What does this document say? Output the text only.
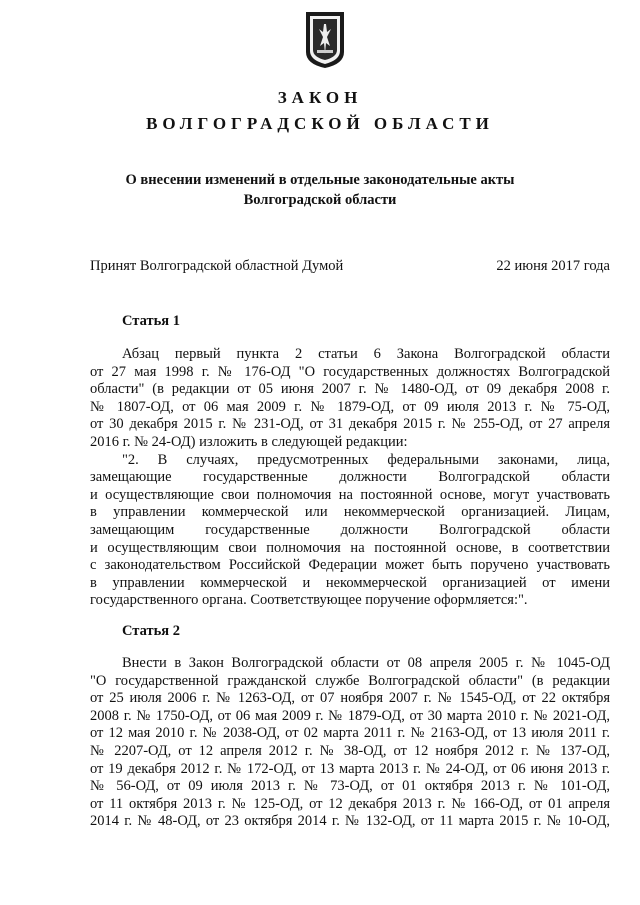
ЗАКОН
ВОЛГОГРАДСКОЙ ОБЛАСТИ
О внесении изменений в отдельные законодательные акты
Волгоградской области
Принят Волгоградской областной Думой	22 июня 2017 года
Статья 1
Абзац первый пункта 2 статьи 6 Закона Волгоградской области
от 27 мая 1998 г. № 176-ОД "О государственных должностях Волгоградской
области" (в редакции от 05 июня 2007 г. № 1480-ОД, от 09 декабря 2008 г.
№ 1807-ОД, от 06 мая 2009 г. № 1879-ОД, от 09 июля 2013 г. № 75-ОД,
от 30 декабря 2015 г. № 231-ОД, от 31 декабря 2015 г. № 255-ОД, от 27 апреля
2016 г. № 24-ОД) изложить в следующей редакции:
"2. В случаях, предусмотренных федеральными законами, лица,
замещающие государственные должности Волгоградской области
и осуществляющие свои полномочия на постоянной основе, могут участвовать
в управлении коммерческой или некоммерческой организацией. Лицам,
замещающим государственные должности Волгоградской области
и осуществляющим свои полномочия на постоянной основе, в соответствии
с законодательством Российской Федерации может быть поручено участвовать
в управлении коммерческой и некоммерческой организацией от имени
государственного органа. Соответствующее поручение оформляется:".
Статья 2
Внести в Закон Волгоградской области от 08 апреля 2005 г. № 1045-ОД
"О государственной гражданской службе Волгоградской области" (в редакции
от 25 июля 2006 г. № 1263-ОД, от 07 ноября 2007 г. № 1545-ОД, от 22 октября
2008 г. № 1750-ОД, от 06 мая 2009 г. № 1879-ОД, от 30 марта 2010 г. № 2021-ОД,
от 12 мая 2010 г. № 2038-ОД, от 02 марта 2011 г. № 2163-ОД, от 13 июля 2011 г.
№ 2207-ОД, от 12 апреля 2012 г. № 38-ОД, от 12 ноября 2012 г. № 137-ОД,
от 19 декабря 2012 г. № 172-ОД, от 13 марта 2013 г. № 24-ОД, от 06 июня 2013 г.
№ 56-ОД, от 09 июля 2013 г. № 73-ОД, от 01 октября 2013 г. № 101-ОД,
от 11 октября 2013 г. № 125-ОД, от 12 декабря 2013 г. № 166-ОД, от 01 апреля
2014 г. № 48-ОД, от 23 октября 2014 г. № 132-ОД, от 11 марта 2015 г. № 10-ОД,
